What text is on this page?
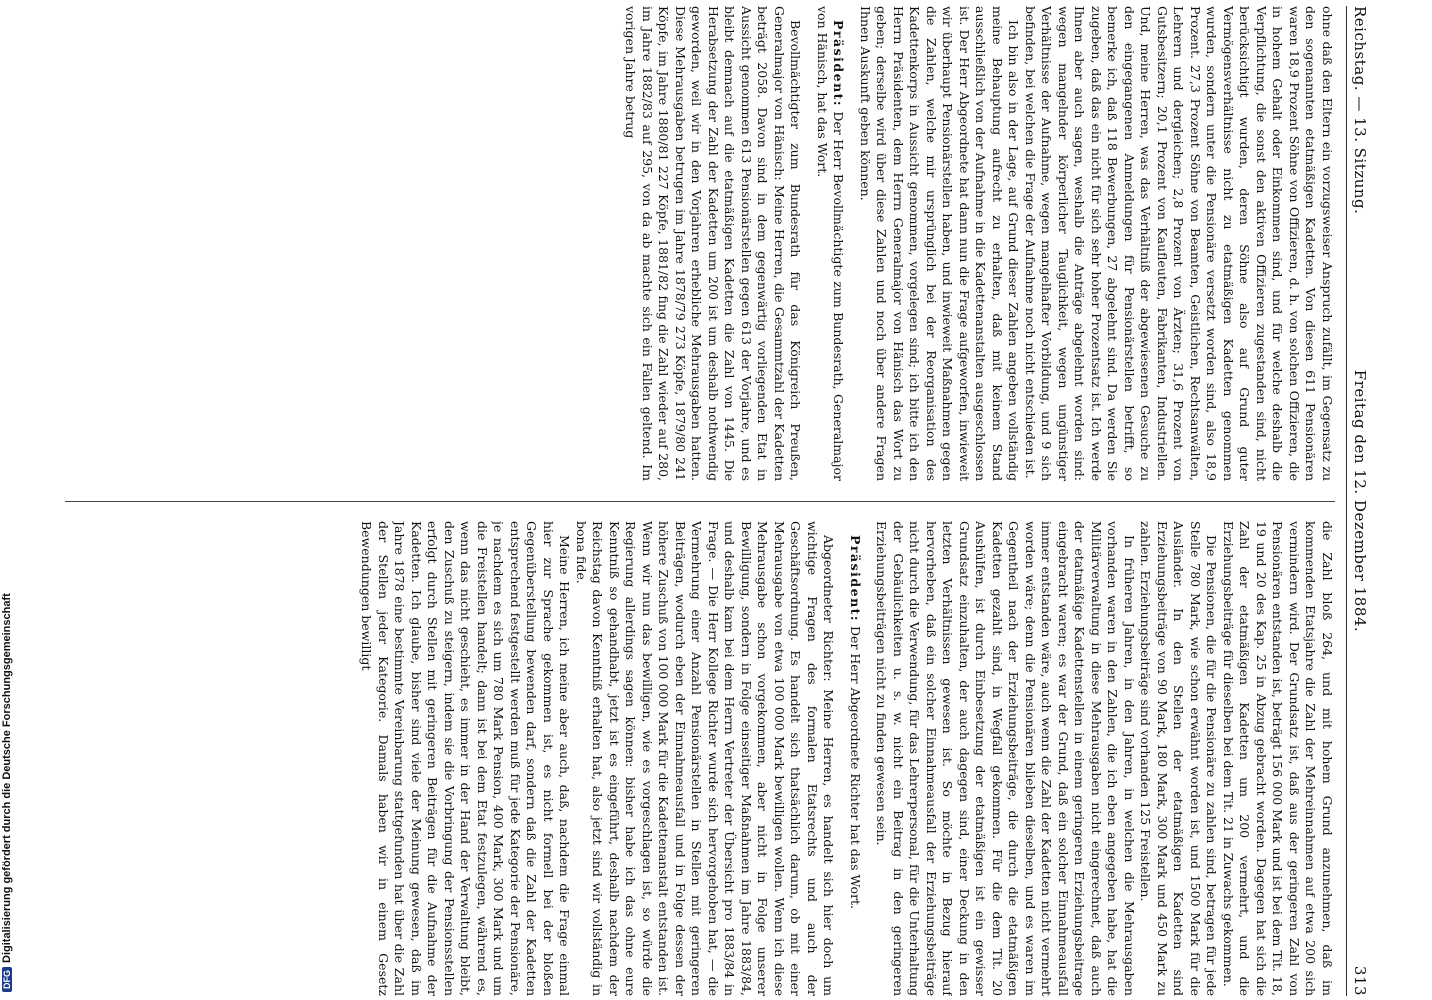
DFGDigitalisierung gefördert durch die Deutsche Forschungsgemeinschaft
Reichstag. — 13. Sitzung.
Freitag den 12. Dezember 1884.
313

ohne daß den Eltern ein vorzugsweiser Anspruch zufällt, im Gegensatz zu den sogenannten etatmäßigen Kadetten. Von diesen 611 Pensionären waren 18,9 Prozent Söhne von Offizieren, d. h. von solchen Offizieren, die in hohem Gehalt oder Einkommen sind, und für welche deshalb die Verpflichtung, die sonst den aktiven Offizieren zugestanden sind, nicht berücksichtigt wurden, deren Söhne also auf Grund guter Vermögensverhältnisse nicht zu etatmäßigen Kadetten genommen wurden, sondern unter die Pensionäre versetzt worden sind, also 18,9 Prozent. 27,3 Prozent Söhne von Beamten, Geistlichen, Rechtsanwälten, Lehrern und dergleichen; 2,8 Prozent von Ärzten; 31,6 Prozent von Gutsbesitzern; 20,1 Prozent von Kaufleuten, Fabrikanten, Industriellen. Und, meine Herren, was das Verhältniß der abgewiesenen Gesuche zu den eingegangenen Anmeldungen für Pensionärstellen betrifft, so bemerke ich, daß 118 Bewerbungen, 27 abgelehnt sind. Da werden Sie zugeben, daß das ein nicht für sich sehr hoher Prozentsatz ist. Ich werde Ihnen aber auch sagen, weshalb die Anträge abgelehnt worden sind: wegen mangelnder körperlicher Tauglichkeit, wegen ungünstiger Verhältnisse der Aufnahme, wegen mangelhafter Vorbildung, und 9 sich befinden, bei welchen die Frage der Aufnahme noch nicht entschieden ist.

Ich bin also in der Lage, auf Grund dieser Zahlen angeben vollständig meine Behauptung aufrecht zu erhalten, daß mit keinem Stand ausschließlich von der Aufnahme in die Kadettenanstalten ausgeschlossen ist. Der Herr Abgeordnete hat dann nun die Frage aufgeworfen, inwieweit wir überhaupt Pensionärstellen haben, und inwieweit Maßnahmen gegen die Zahlen, welche mir ursprünglich bei der Reorganisation des Kadettenkorps in Aussicht genommen, vorgelegen sind; ich bitte ich den Herrn Präsidenten, dem Herrn Generalmajor von Hänisch das Wort zu geben; derselbe wird über diese Zahlen und noch über andere Fragen Ihnen Auskunft geben können.

Präsident: Der Herr Bevollmächtigte zum Bundesrath, Generalmajor von Hänisch, hat das Wort.

Bevollmächtigter zum Bundesrath für das Königreich Preußen, Generalmajor von Hänisch: Meine Herren, die Gesammtzahl der Kadetten beträgt 2058. Davon sind in dem gegenwärtig vorliegenden Etat in Aussicht genommen 613 Pensionärstellen gegen 613 der Vorjahre, und es bleibt demnach auf die etatmäßigen Kadetten die Zahl von 1445. Die Herabsetzung der Zahl der Kadetten um 200 ist um deshalb nothwendig geworden, weil wir in den Vorjahren erhebliche Mehrausgaben hatten. Diese Mehrausgaben betrugen im Jahre 1878/79 273 Köpfe, 1879/80 241 Köpfe, im Jahre 1880/81 227 Köpfe, 1881/82 fing die Zahl wieder auf 280, im Jahre 1882/83 auf 295, von da ab machte sich ein Fallen geltend. Im vorigen Jahre betrug

die Zahl bloß 264, und mit hohem Grund anzunehmen, daß im kommenden Etatsjahre die Zahl der Mehreinnahmen auf etwa 200 sich vermindern wird. Der Grundsatz ist, daß aus der geringeren Zahl von Pensionären entstanden ist, beträgt 156 000 Mark und ist bei dem Tit. 18, 19 und 20 des Kap. 25 in Abzug gebracht worden. Dagegen hat sich die Zahl der etatmäßigen Kadetten um 200 vermehrt, und die Erziehungsbeiträge für dieselben bei dem Tit. 21 in Zuwachs gekommen.

Die Pensionen, die für die Pensionäre zu zahlen sind, betragen für jede Stelle 780 Mark, wie schon erwähnt worden ist, und 1500 Mark für die Ausländer. In den Stellen der etatmäßigen Kadetten sind Erziehungsbeiträge von 90 Mark, 180 Mark, 300 Mark und 450 Mark zu zahlen. Erziehungsbeiträge sind vorhanden 125 Freistellen.

In früheren Jahren, in den Jahren, in welchen die Mehrausgaben vorhanden waren in den Zahlen, die ich eben angegeben habe, hat die Militärverwaltung in diese Mehrausgaben nicht eingerechnet, daß auch der etatmäßige Kadettenstellen in einem geringeren Erziehungsbeitrage eingebracht waren; es war der Grund, daß ein solcher Einnahmeausfall immer entstanden wäre, auch wenn die Zahl der Kadetten nicht vermehrt worden wäre; denn die Pensionären blieben dieselben, und es waren im Gegentheil nach der Erziehungsbeiträge, die durch die etatmäßigen Kadetten gezahlt sind, in Wegfall gekommen. Für die dem Tit. 20 Aushülfen, ist durch Einbesetzung der etatmäßigen ist ein gewisser Grundsatz einzuhalten, der auch dagegen sind, einer Deckung in den letzten Verhältnissen gewesen ist. So möchte in Bezug hierauf hervorheben, daß ein solcher Einnahmeausfall der Erziehungsbeiträge nicht durch die Verwendung, für das Lehrerpersonal, für die Unterhaltung der Gebäulichkeiten u. s. w. nicht ein Beitrag in den geringeren Erziehungsbeiträgen nicht zu finden gewesen sein.

Präsident: Der Herr Abgeordnete Richter hat das Wort.

Abgeordneter Richter: Meine Herren, es handelt sich hier doch um wichtige Fragen des formalen Etatsrechts und auch der Geschäftsordnung. Es handelt sich thatsächlich darum, ob mit einer Mehrausgabe von etwa 100 000 Mark bewilligen wollen. Wenn ich diese Mehrausgabe schon vorgekommen, aber nicht in Folge unserer Bewilligung, sondern in Folge einseitiger Maßnahmen im Jahre 1883/84, und deshalb kam bei dem Herrn Vertreter der Übersicht pro 1883/84 in Frage. — Die Herr Kollege Richter wurde sich hervorgehoben hat, — die Vermehrung einer Anzahl Pensionärstellen in Stellen mit geringeren Beiträgen, wodurch eben der Einnahmeausfall und in Folge dessen der höhere Zuschuß von 100 000 Mark für die Kadettenanstalt entstanden ist. Wenn wir nun das bewilligen, wie es vorgeschlagen ist, so würde die Regierung allerdings sagen können: bisher habe ich das ohne eure Kenntniß so gehandhabt, jetzt ist es eingeführt, deshalb nachdem der Reichstag davon Kenntniß erhalten hat, also jetzt sind wir vollständig in bona fide.

Meine Herren, ich meine aber auch, daß, nachdem die Frage einmal hier zur Sprache gekommen ist, es nicht formell bei der bloßen Gegenüberstellung bewenden darf, sondern daß die Zahl der Kadetten entsprechend festgestellt werden muß für jede Kategorie der Pensionäre, je nachdem es sich um 780 Mark Pension, 400 Mark, 300 Mark und um die Freistellen handelt; dann ist bei dem Etat festzulegen, während es, wenn das nicht geschieht, es immer in der Hand der Verwaltung bleibt, den Zuschuß zu steigern, indem sie die Vorbringung der Pensionsstellen erfolgt durch Stellen mit geringeren Beiträgen für die Aufnahme der Kadetten. Ich glaube, bisher sind viele der Meinung gewesen, daß im Jahre 1878 eine bestimmte Vereinbarung stattgefunden hat über die Zahl der Stellen jeder Kategorie. Damals haben wir in einem Gesetz Bewendungen bewilligt
